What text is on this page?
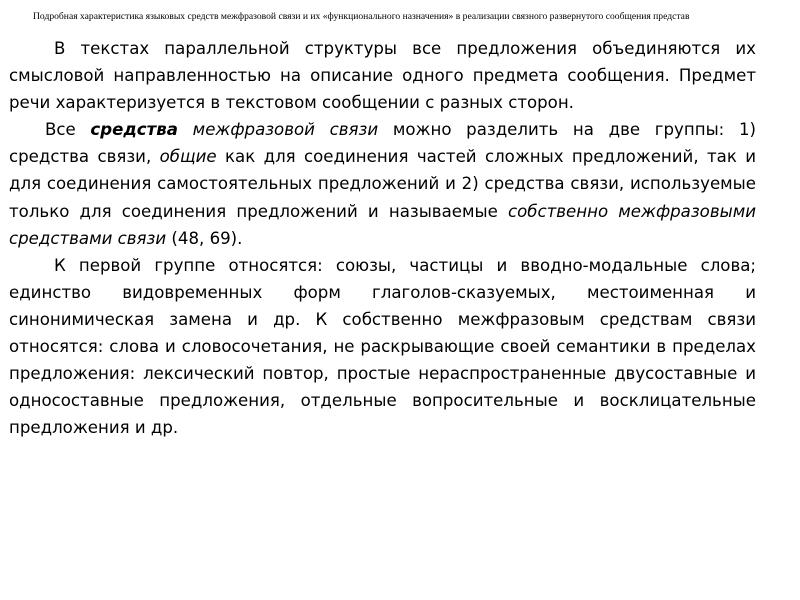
Подробная характеристика языковых средств межфразовой связи и их «функционального назначения» в реализации связного развернутого сообщения представ

В текстах параллельной структуры все предложения объединяются их смысловой направленностью на описание одного предмета сообщения. Предмет речи характеризуется в текстовом сообщении с разных сторон.

Все средства межфразовой связи можно разделить на две группы: 1) средства связи, общие как для соединения частей сложных предложений, так и для соединения самостоятельных предложений и 2) средства связи, используемые только для соединения предложений и называемые собственно межфразовыми средствами связи (48, 69).

К первой группе относятся: союзы, частицы и вводно-модальные слова; единство видовременных форм глаголов-сказуемых, местоименная и синонимическая замена и др. К собственно межфразовым средствам связи относятся: слова и словосочетания, не раскрывающие своей семантики в пределах предложения: лексический повтор, простые нераспространенные двусоставные и односоставные предложения, отдельные вопросительные и восклицательные предложения и др.
